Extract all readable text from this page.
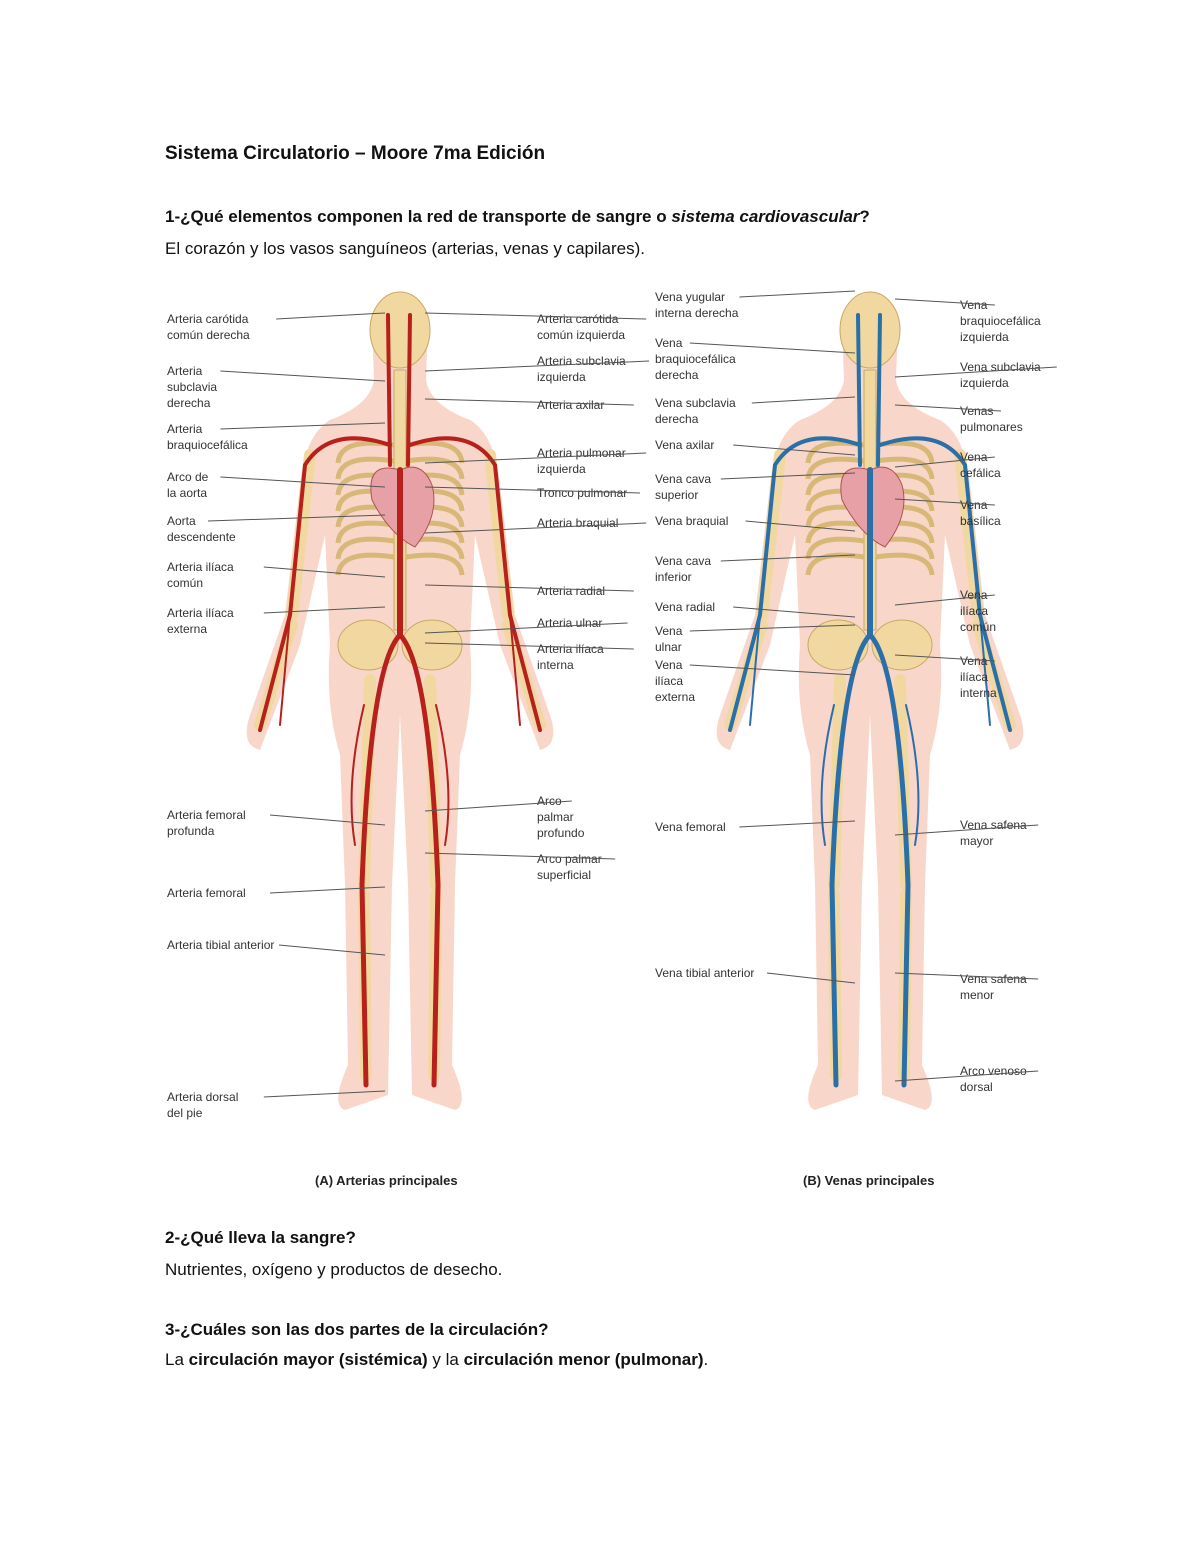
Sistema Circulatorio – Moore 7ma Edición
1-¿Qué elementos componen la red de transporte de sangre o sistema cardiovascular?
El corazón y los vasos sanguíneos (arterias, venas y capilares).
Arteria carótida común derecha
Arteria subclavia derecha
Arteria braquiocefálica
Arco de la aorta
Aorta descendente
Arteria ilíaca común
Arteria ilíaca externa
Arteria femoral profunda
Arteria femoral
Arteria tibial anterior
Arteria dorsal del pie
Arteria carótida común izquierda
Arteria subclavia izquierda
Arteria axilar
Arteria pulmonar izquierda
Tronco pulmonar
Arteria braquial
Arteria radial
Arteria ulnar
Arteria ilíaca interna
Arco palmar profundo
Arco palmar superficial
Vena yugular interna derecha
Vena braquiocefálica derecha
Vena subclavia derecha
Vena axilar
Vena cava superior
Vena braquial
Vena cava inferior
Vena radial
Vena ulnar
Vena ilíaca externa
Vena femoral
Vena tibial anterior
Vena braquiocefálica izquierda
Vena subclavia izquierda
Venas pulmonares
Vena cefálica
Vena basílica
Vena ilíaca común
Vena ilíaca interna
Vena safena mayor
Vena safena menor
Arco venoso dorsal
(A) Arterias principales	(B) Venas principales
2-¿Qué lleva la sangre?
Nutrientes, oxígeno y productos de desecho.
3-¿Cuáles son las dos partes de la circulación?
La circulación mayor (sistémica) y la circulación menor (pulmonar).
